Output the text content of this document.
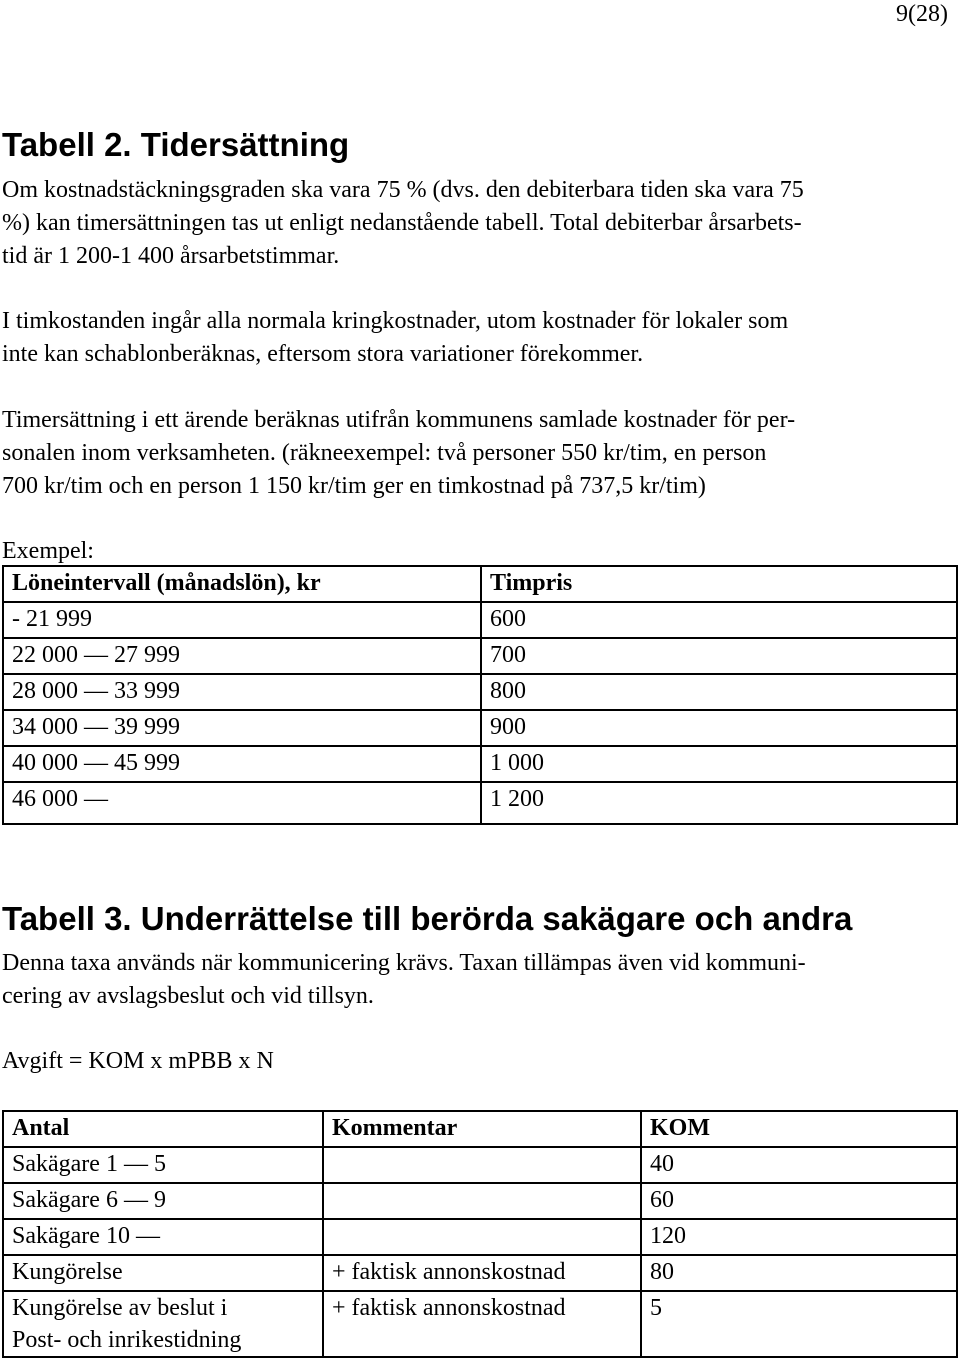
9(28)
Tabell 2. Tidersättning

Om kostnadstäckningsgraden ska vara 75 % (dvs. den debiterbara tiden ska vara 75
%) kan timersättningen tas ut enligt nedanstående tabell. Total debiterbar årsarbets-
tid är 1 200-1 400 årsarbetstimmar.

I timkostanden ingår alla normala kringkostnader, utom kostnader för lokaler som
inte kan schablonberäknas, eftersom stora variationer förekommer.

Timersättning i ett ärende beräknas utifrån kommunens samlade kostnader för per-
sonalen inom verksamheten. (räkneexempel: två personer 550 kr/tim, en person
700 kr/tim och en person 1 150 kr/tim ger en timkostnad på 737,5 kr/tim)

Exempel:
Löneintervall (månadslön), kr	Timpris
- 21 999	600
22 000 — 27 999	700
28 000 — 33 999	800
34 000 — 39 999	900
40 000 — 45 999	1 000
46 000 —	1 200
Tabell 3. Underrättelse till berörda sakägare och andra

Denna taxa används när kommunicering krävs. Taxan tillämpas även vid kommuni-
cering av avslagsbeslut och vid tillsyn.

Avgift = KOM x mPBB x N
Antal	Kommentar	KOM
Sakägare 1 — 5		40
Sakägare 6 — 9		60
Sakägare 10 —		120
Kungörelse	+ faktisk annonskostnad	80
Kungörelse av beslut i
Post- och inrikestidning	+ faktisk annonskostnad	5
